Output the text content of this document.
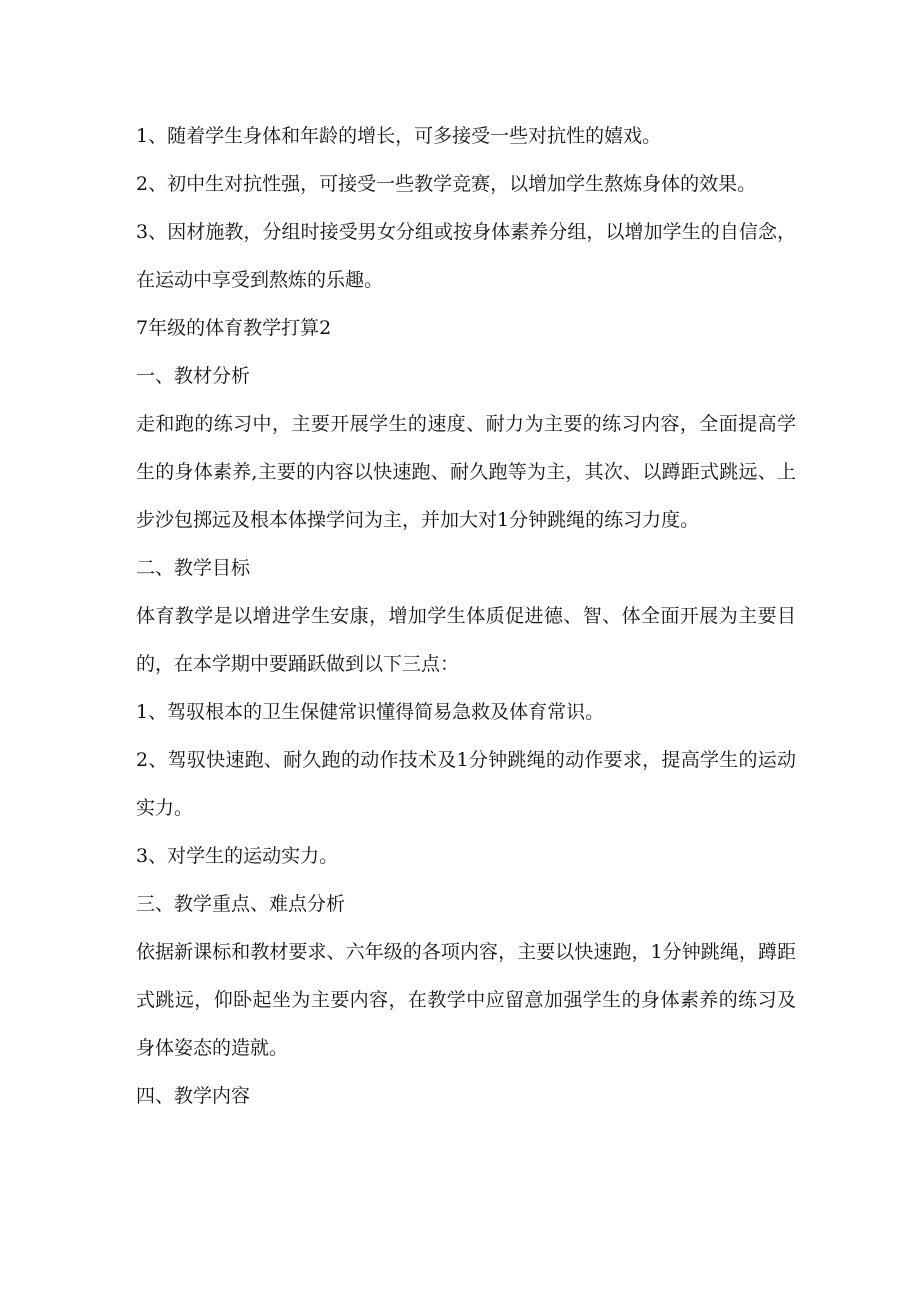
1、随着学生身体和年龄的增长，可多接受一些对抗性的嬉戏。

2、初中生对抗性强，可接受一些教学竞赛，以增加学生熬炼身体的效果。

3、因材施教，分组时接受男女分组或按身体素养分组，以增加学生的自信念，在运动中享受到熬炼的乐趣。

7年级的体育教学打算2

一、教材分析

走和跑的练习中，主要开展学生的速度、耐力为主要的练习内容，全面提高学生的身体素养,主要的内容以快速跑、耐久跑等为主，其次、以蹲距式跳远、上步沙包掷远及根本体操学问为主，并加大对1分钟跳绳的练习力度。

二、教学目标

体育教学是以增进学生安康，增加学生体质促进德、智、体全面开展为主要目的，在本学期中要踊跃做到以下三点：

1、驾驭根本的卫生保健常识懂得简易急救及体育常识。

2、驾驭快速跑、耐久跑的动作技术及1分钟跳绳的动作要求，提高学生的运动实力。

3、对学生的运动实力。

三、教学重点、难点分析

依据新课标和教材要求、六年级的各项内容，主要以快速跑，1分钟跳绳，蹲距式跳远，仰卧起坐为主要内容，在教学中应留意加强学生的身体素养的练习及身体姿态的造就。

四、教学内容
